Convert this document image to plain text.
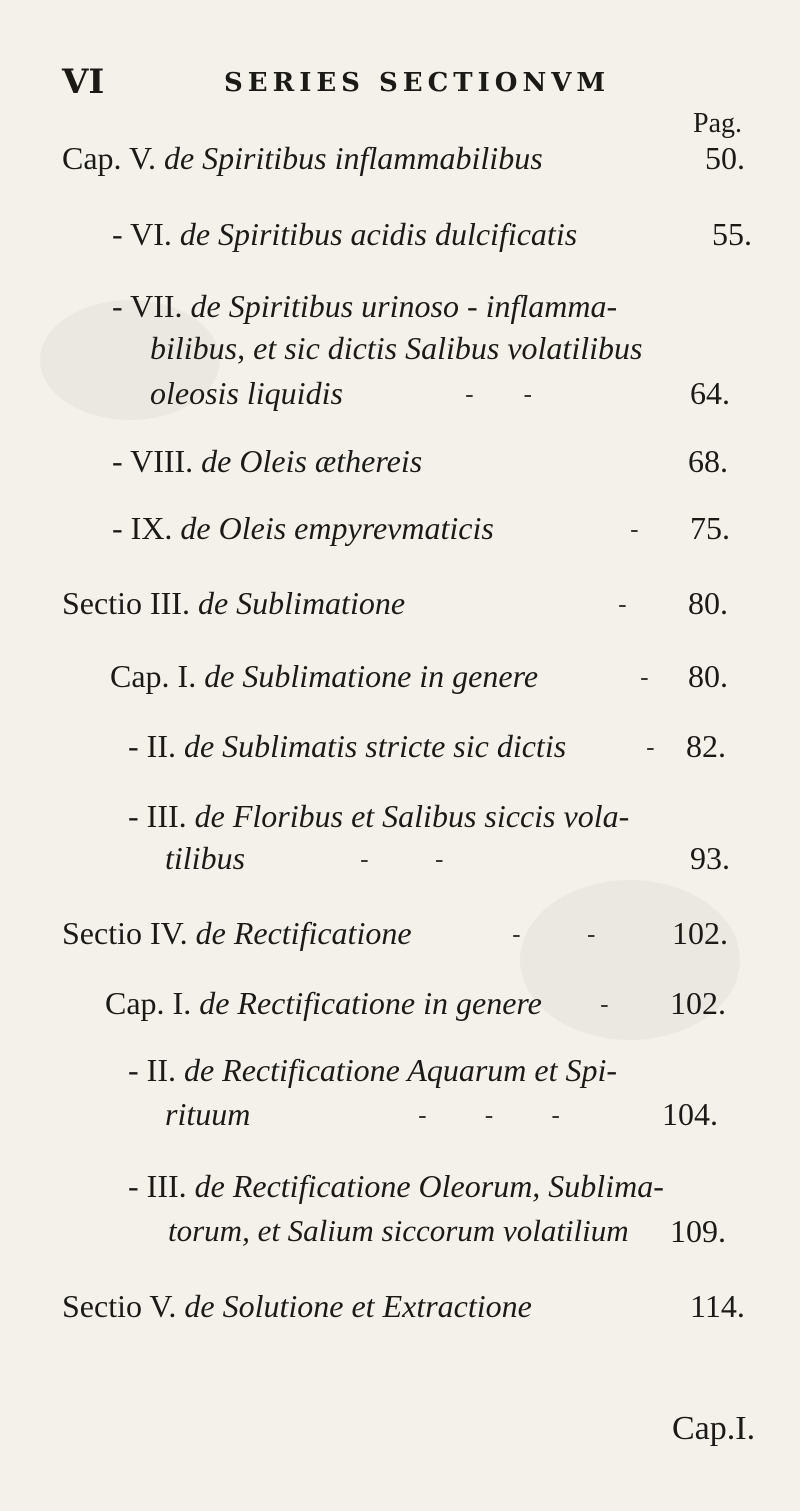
VI	SERIES SECTIONVM
Pag.
Cap. V. de Spiritibus inflammabilibus	50.
- VI. de Spiritibus acidis dulcificatis	55.
- VII. de Spiritibus urinoso - inflamma-
bilibus, et sic dictis Salibus volatilibus
oleosis liquidis	-      -	64.
- VIII. de Oleis æthereis	68.
- IX. de Oleis empyrevmaticis	- 75.
Sectio III. de Sublimatione	- 80.
Cap. I. de Sublimatione in genere	- 80.
- II. de Sublimatis stricte sic dictis	- 82.
- III. de Floribus et Salibus siccis vola-
tilibus	-        -	93.
Sectio IV. de Rectificatione	-        - 102.
Cap. I. de Rectificatione in genere - 102.
- II. de Rectificatione Aquarum et Spi-
rituum	-       -       -	104.
- III. de Rectificatione Oleorum, Sublima-
torum, et Salium siccorum volatilium 109.
Sectio V. de Solutione et Extractione	114.
Cap.I.
